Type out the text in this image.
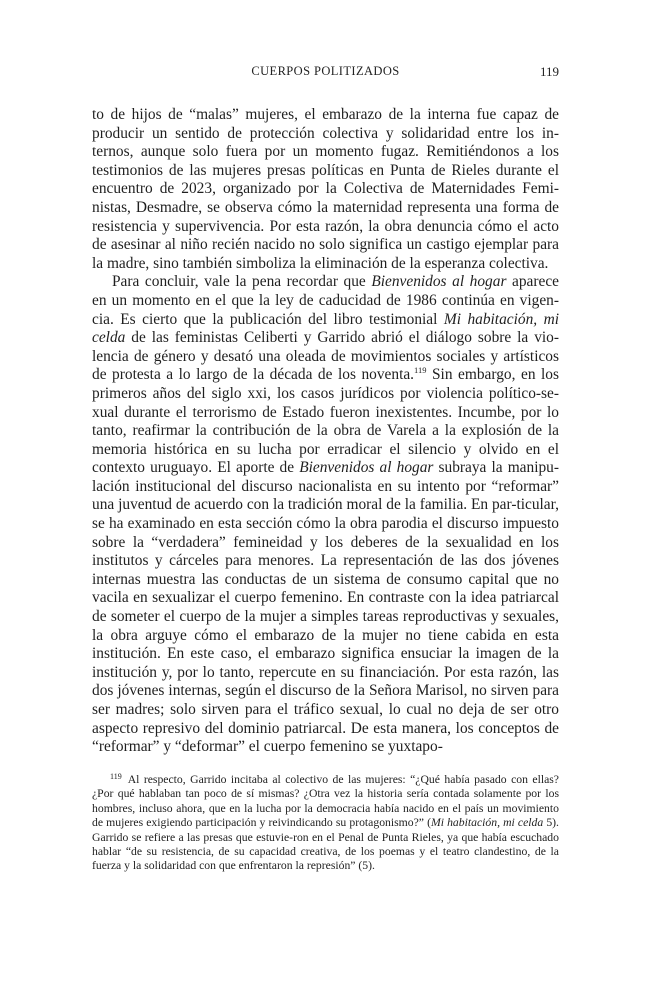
CUERPOS POLITIZADOS	119

to de hijos de “malas” mujeres, el embarazo de la interna fue capaz de producir un sentido de protección colectiva y solidaridad entre los in-ternos, aunque solo fuera por un momento fugaz. Remitiéndonos a los testimonios de las mujeres presas políticas en Punta de Rieles durante el encuentro de 2023, organizado por la Colectiva de Maternidades Femi-nistas, Desmadre, se observa cómo la maternidad representa una forma de resistencia y supervivencia. Por esta razón, la obra denuncia cómo el acto de asesinar al niño recién nacido no solo significa un castigo ejemplar para la madre, sino también simboliza la eliminación de la esperanza colectiva.

Para concluir, vale la pena recordar que Bienvenidos al hogar aparece en un momento en el que la ley de caducidad de 1986 continúa en vigen-cia. Es cierto que la publicación del libro testimonial Mi habitación, mi celda de las feministas Celiberti y Garrido abrió el diálogo sobre la vio-lencia de género y desató una oleada de movimientos sociales y artísticos de protesta a lo largo de la década de los noventa.$^{119}$ Sin embargo, en los primeros años del siglo xxi, los casos jurídicos por violencia político-se-xual durante el terrorismo de Estado fueron inexistentes. Incumbe, por lo tanto, reafirmar la contribución de la obra de Varela a la explosión de la memoria histórica en su lucha por erradicar el silencio y olvido en el contexto uruguayo. El aporte de Bienvenidos al hogar subraya la manipu-lación institucional del discurso nacionalista en su intento por “reformar” una juventud de acuerdo con la tradición moral de la familia. En par-ticular, se ha examinado en esta sección cómo la obra parodia el discurso impuesto sobre la “verdadera” femineidad y los deberes de la sexualidad en los institutos y cárceles para menores. La representación de las dos jóvenes internas muestra las conductas de un sistema de consumo capital que no vacila en sexualizar el cuerpo femenino. En contraste con la idea patriarcal de someter el cuerpo de la mujer a simples tareas reproductivas y sexuales, la obra arguye cómo el embarazo de la mujer no tiene cabida en esta institución. En este caso, el embarazo significa ensuciar la imagen de la institución y, por lo tanto, repercute en su financiación. Por esta razón, las dos jóvenes internas, según el discurso de la Señora Marisol, no sirven para ser madres; solo sirven para el tráfico sexual, lo cual no deja de ser otro aspecto represivo del dominio patriarcal. De esta manera, los conceptos de “reformar” y “deformar” el cuerpo femenino se yuxtapo-

$^{119}$ Al respecto, Garrido incitaba al colectivo de las mujeres: “¿Qué había pasado con ellas? ¿Por qué hablaban tan poco de sí mismas? ¿Otra vez la historia sería contada solamente por los hombres, incluso ahora, que en la lucha por la democracia había nacido en el país un movimiento de mujeres exigiendo participación y reivindicando su protagonismo?” (Mi habitación, mi celda 5). Garrido se refiere a las presas que estuvie-ron en el Penal de Punta Rieles, ya que había escuchado hablar “de su resistencia, de su capacidad creativa, de los poemas y el teatro clandestino, de la fuerza y la solidaridad con que enfrentaron la represión” (5).
